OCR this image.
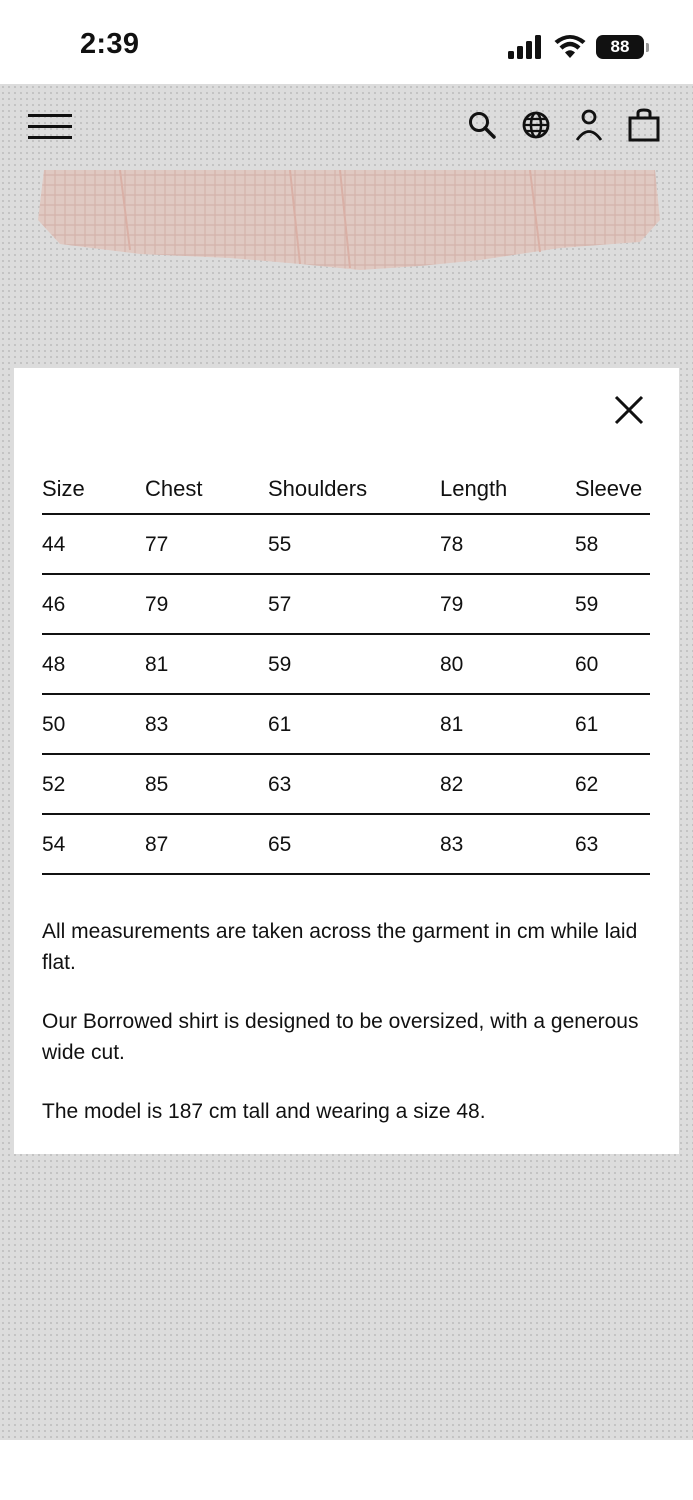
2:39	88
Size	Chest	Shoulders	Length	Sleeve
44	77	55	78	58
46	79	57	79	59
48	81	59	80	60
50	83	61	81	61
52	85	63	82	62
54	87	65	83	63

All measurements are taken across the garment in cm while laid flat.

Our Borrowed shirt is designed to be oversized, with a generous wide cut.

The model is 187 cm tall and wearing a size 48.
